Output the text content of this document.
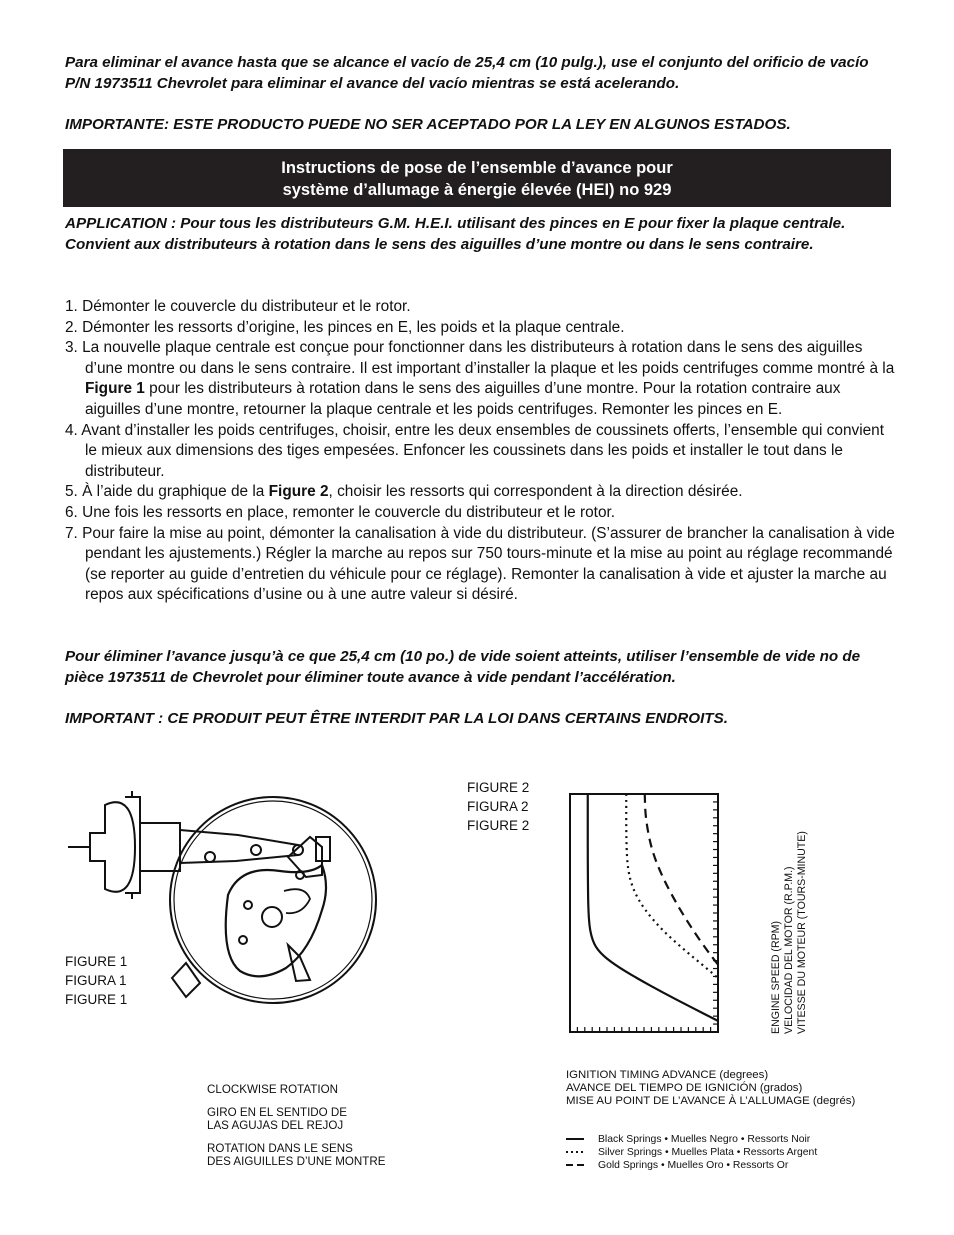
Para eliminar el avance hasta que se alcance el vacío de 25,4 cm (10 pulg.), use el conjunto del orificio de vacío P/N 1973511 Chevrolet para eliminar el avance del vacío mientras se está acelerando.

IMPORTANTE: ESTE PRODUCTO PUEDE NO SER ACEPTADO POR LA LEY EN ALGUNOS ESTADOS.

Instructions de pose de l’ensemble d’avance pour
système d’allumage à énergie élevée (HEI) no 929

APPLICATION : Pour tous les distributeurs G.M. H.E.I. utilisant des pinces en E pour fixer la plaque centrale. Convient aux distributeurs à rotation dans le sens des aiguilles d’une montre ou dans le sens contraire.

1. Démonter le couvercle du distributeur et le rotor.
2. Démonter les ressorts d’origine, les pinces en E, les poids et la plaque centrale.
3. La nouvelle plaque centrale est conçue pour fonctionner dans les distributeurs à rotation dans le sens des aiguilles d’une montre ou dans le sens contraire. Il est important d’installer la plaque et les poids centrifuges comme montré à la Figure 1 pour les distributeurs à rotation dans le sens des aiguilles d’une montre. Pour la rotation contraire aux aiguilles d’une montre, retourner la plaque centrale et les poids centrifuges. Remonter les pinces en E.
4. Avant d’installer les poids centrifuges, choisir, entre les deux ensembles de coussinets offerts, l’ensemble qui convient le mieux aux dimensions des tiges empesées. Enfoncer les coussinets dans les poids et installer le tout dans le distributeur.
5. À l’aide du graphique de la Figure 2, choisir les ressorts qui correspondent à la direction désirée.
6. Une fois les ressorts en place, remonter le couvercle du distributeur et le rotor.
7. Pour faire la mise au point, démonter la canalisation à vide du distributeur. (S’assurer de brancher la canalisation à vide pendant les ajustements.) Régler la marche au repos sur 750 tours-minute et la mise au point au réglage recommandé (se reporter au guide d’entretien du véhicule pour ce réglage). Remonter la canalisation à vide et ajuster la marche au repos aux spécifications d’usine ou à une autre valeur si désiré.

Pour éliminer l’avance jusqu’à ce que 25,4 cm (10 po.) de vide soient atteints, utiliser l’ensemble de vide no de pièce 1973511 de Chevrolet pour éliminer toute avance à vide pendant l’accélération.

IMPORTANT : CE PRODUIT PEUT ÊTRE INTERDIT PAR LA LOI DANS CERTAINS ENDROITS.

FIGURE 1
FIGURA 1
FIGURE 1
CLOCKWISE ROTATION
GIRO EN EL SENTIDO DE
LAS AGUJAS DEL REJOJ
ROTATION DANS LE SENS
DES AIGUILLES D’UNE MONTRE
FIGURE 2
FIGURA 2
FIGURE 2
ENGINE SPEED (RPM) VELOCIDAD DEL MOTOR (R.P.M.) VITESSE DU MOTEUR (TOURS-MINUTE)
IGNITION TIMING ADVANCE (degrees)
AVANCE DEL TIEMPO DE IGNICIÓN (grados)
MISE AU POINT DE L’AVANCE À L’ALLUMAGE (degrés)
Black Springs • Muelles Negro • Ressorts Noir
Silver Springs • Muelles Plata • Ressorts Argent
Gold Springs • Muelles Oro • Ressorts Or
